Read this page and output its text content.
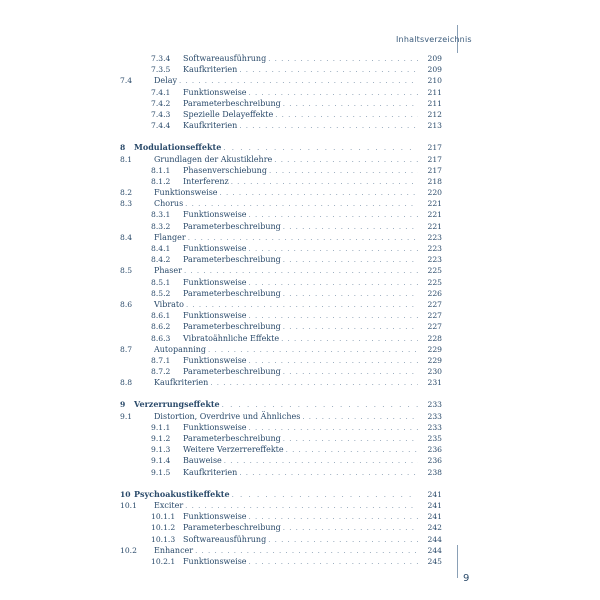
Inhaltsverzeichnis
7.3.4 Softwareausführung . . .	209
7.3.5 Kaufkriterien . . .	209
7.4	Delay . . .	210
7.4.1 Funktionsweise . . .	211
7.4.2 Parameterbeschreibung . . .	211
7.4.3 Spezielle Delayeffekte . . .	212
7.4.4 Kaufkriterien . . .	213
8 Modulationseffekte . . .	217
8.1	Grundlagen der Akustiklehre . . .	217
8.1.1 Phasenverschiebung . . .	217
8.1.2 Interferenz . . .	218
8.2	Funktionsweise . . .	220
8.3	Chorus . . .	221
8.3.1 Funktionsweise . . .	221
8.3.2 Parameterbeschreibung . . .	221
8.4	Flanger . . .	223
8.4.1 Funktionsweise . . .	223
8.4.2 Parameterbeschreibung . . .	223
8.5	Phaser . . .	225
8.5.1 Funktionsweise . . .	225
8.5.2 Parameterbeschreibung . . .	226
8.6	Vibrato . . .	227
8.6.1 Funktionsweise . . .	227
8.6.2 Parameterbeschreibung . . .	227
8.6.3 Vibratoähnliche Effekte . . .	228
8.7	Autopanning . . .	229
8.7.1 Funktionsweise . . .	229
8.7.2 Parameterbeschreibung . . .	230
8.8	Kaufkriterien . . .	231
9 Verzerrungseffekte . . .	233
9.1	Distortion, Overdrive und Ähnliches . . .	233
9.1.1 Funktionsweise . . .	233
9.1.2 Parameterbeschreibung . . .	235
9.1.3 Weitere Verzerrereffekte . . .	236
9.1.4 Bauweise . . .	236
9.1.5 Kaufkriterien . . .	238
10 Psychoakustikeffekte . . .	241
10.1 Exciter . . .	241
10.1.1 Funktionsweise . . .	241
10.1.2 Parameterbeschreibung . . .	242
10.1.3 Softwareausführung . . .	244
10.2 Enhancer . . .	244
10.2.1 Funktionsweise . . .	245
9
